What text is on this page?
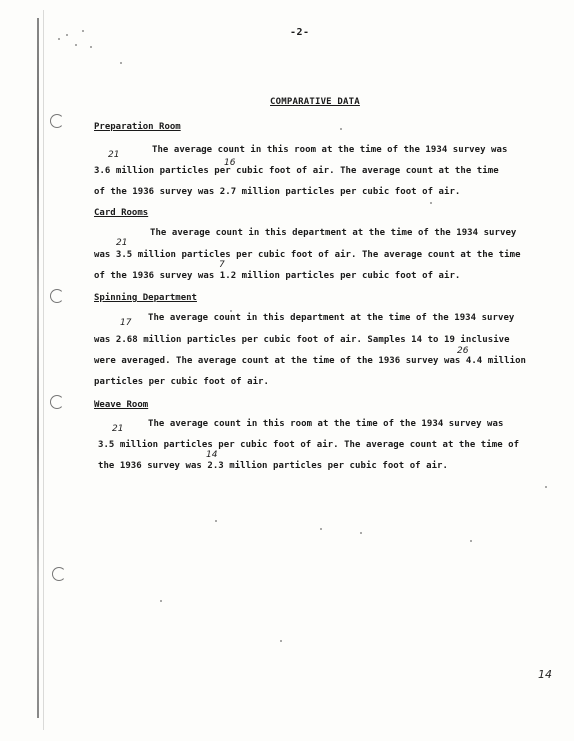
-2-
COMPARATIVE DATA
Preparation Room
The average count in this room at the time of the 1934 survey was
3.6 million particles per cubic foot of air. The average count at the time
of the 1936 survey was 2.7 million particles per cubic foot of air.
21
16
Card Rooms
The average count in this department at the time of the 1934 survey
was 3.5 million particles per cubic foot of air. The average count at the time
of the 1936 survey was 1.2 million particles per cubic foot of air.
21
7
Spinning Department
The average count in this department at the time of the 1934 survey
was 2.68 million particles per cubic foot of air. Samples 14 to 19 inclusive
were averaged. The average count at the time of the 1936 survey was 4.4 million
particles per cubic foot of air.
17
26
Weave Room
The average count in this room at the time of the 1934 survey was
3.5 million particles per cubic foot of air. The average count at the time of
the 1936 survey was 2.3 million particles per cubic foot of air.
21
14
14
